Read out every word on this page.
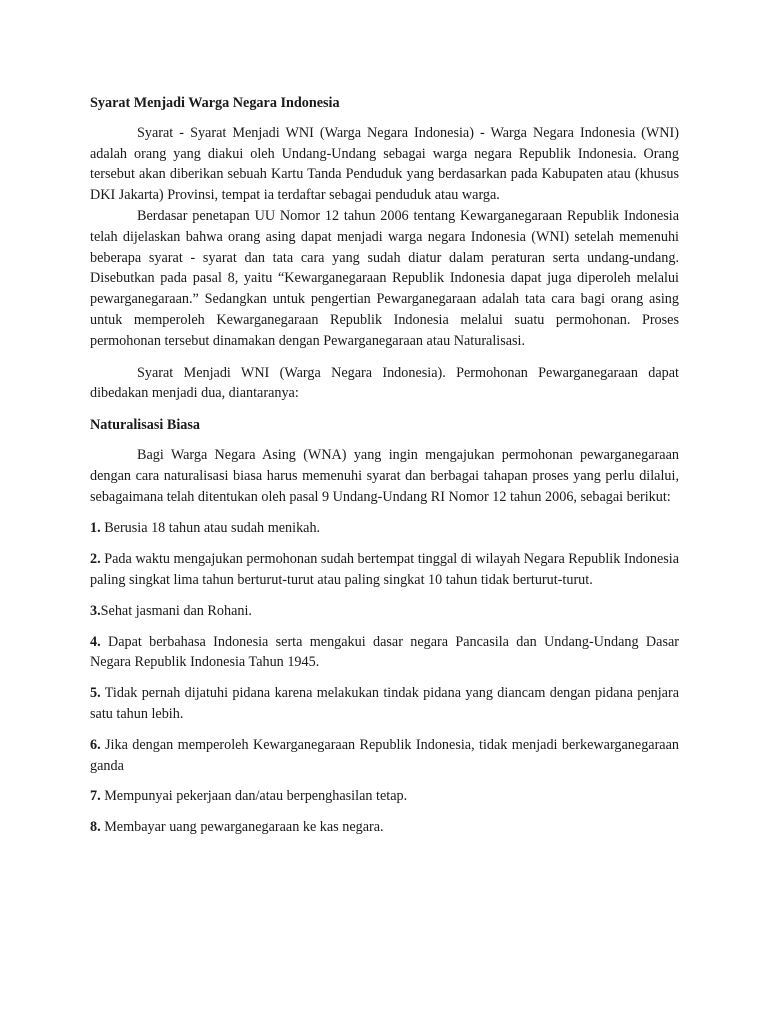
Syarat Menjadi Warga Negara Indonesia

Syarat - Syarat Menjadi WNI (Warga Negara Indonesia) - Warga Negara Indonesia (WNI) adalah orang yang diakui oleh Undang-Undang sebagai warga negara Republik Indonesia. Orang tersebut akan diberikan sebuah Kartu Tanda Penduduk yang berdasarkan pada Kabupaten atau (khusus DKI Jakarta) Provinsi, tempat ia terdaftar sebagai penduduk atau warga.

Berdasar penetapan UU Nomor 12 tahun 2006 tentang Kewarganegaraan Republik Indonesia telah dijelaskan bahwa orang asing dapat menjadi warga negara Indonesia (WNI) setelah memenuhi beberapa syarat - syarat dan tata cara yang sudah diatur dalam peraturan serta undang-undang. Disebutkan pada pasal 8, yaitu “Kewarganegaraan Republik Indonesia dapat juga diperoleh melalui pewarganegaraan.” Sedangkan untuk pengertian Pewarganegaraan adalah tata cara bagi orang asing untuk memperoleh Kewarganegaraan Republik Indonesia melalui suatu permohonan. Proses permohonan tersebut dinamakan dengan Pewarganegaraan atau Naturalisasi.

Syarat Menjadi WNI (Warga Negara Indonesia). Permohonan Pewarganegaraan dapat dibedakan menjadi dua, diantaranya:

Naturalisasi Biasa

Bagi Warga Negara Asing (WNA) yang ingin mengajukan permohonan pewarganegaraan dengan cara naturalisasi biasa harus memenuhi syarat dan berbagai tahapan proses yang perlu dilalui, sebagaimana telah ditentukan oleh pasal 9 Undang-Undang RI Nomor 12 tahun 2006, sebagai berikut:

1. Berusia 18 tahun atau sudah menikah.

2. Pada waktu mengajukan permohonan sudah bertempat tinggal di wilayah Negara Republik Indonesia paling singkat lima tahun berturut-turut atau paling singkat 10 tahun tidak berturut-turut.

3.Sehat jasmani dan Rohani.

4. Dapat berbahasa Indonesia serta mengakui dasar negara Pancasila dan Undang-Undang Dasar Negara Republik Indonesia Tahun 1945.

5. Tidak pernah dijatuhi pidana karena melakukan tindak pidana yang diancam dengan pidana penjara satu tahun lebih.

6. Jika dengan memperoleh Kewarganegaraan Republik Indonesia, tidak menjadi berkewarganegaraan ganda

7. Mempunyai pekerjaan dan/atau berpenghasilan tetap.

8. Membayar uang pewarganegaraan ke kas negara.
